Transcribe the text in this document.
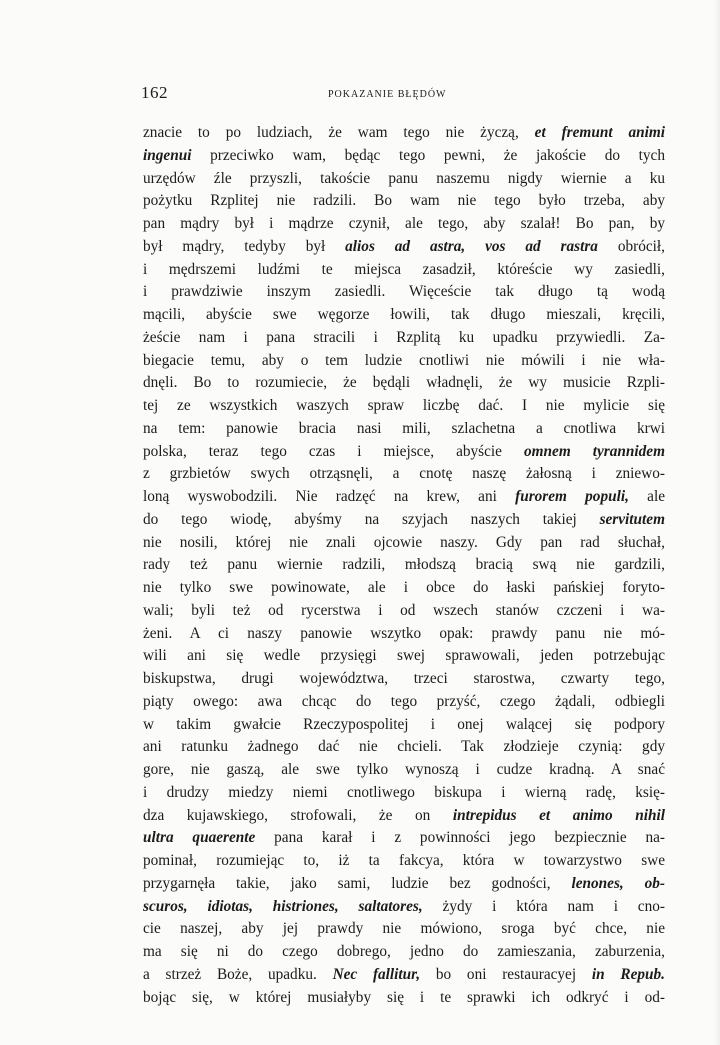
162	POKAZANIE BŁĘDÓW
znacie to po ludziach, że wam tego nie życzą, et fremunt animi
ingenui przeciwko wam, będąc tego pewni, że jakoście do tych
urzędów źle przyszli, takoście panu naszemu nigdy wiernie a ku
pożytku Rzplitej nie radzili. Bo wam nie tego było trzeba, aby
pan mądry był i mądrze czynił, ale tego, aby szalał! Bo pan, by
był mądry, tedyby był alios ad astra, vos ad rastra obrócił,
i mędrszemi ludźmi te miejsca zasadził, któreście wy zasiedli,
i prawdziwie inszym zasiedli. Więceście tak długo tą wodą
mącili, abyście swe węgorze łowili, tak długo mieszali, kręcili,
żeście nam i pana stracili i Rzplitą ku upadku przywiedli. Za-
biegacie temu, aby o tem ludzie cnotliwi nie mówili i nie wła-
dnęli. Bo to rozumiecie, że będąli władnęli, że wy musicie Rzpli-
tej ze wszystkich waszych spraw liczbę dać. I nie mylicie się
na tem: panowie bracia nasi mili, szlachetna a cnotliwa krwi
polska, teraz tego czas i miejsce, abyście omnem tyrannidem
z grzbietów swych otrząsnęli, a cnotę naszę żałosną i zniewo-
loną wyswobodzili. Nie radzęć na krew, ani furorem populi, ale
do tego wiodę, abyśmy na szyjach naszych takiej servitutem
nie nosili, której nie znali ojcowie naszy. Gdy pan rad słuchał,
rady też panu wiernie radzili, młodszą bracią swą nie gardzili,
nie tylko swe powinowate, ale i obce do łaski pańskiej foryto-
wali; byli też od rycerstwa i od wszech stanów czczeni i wa-
żeni. A ci naszy panowie wszytko opak: prawdy panu nie mó-
wili ani się wedle przysięgi swej sprawowali, jeden potrzebując
biskupstwa, drugi województwa, trzeci starostwa, czwarty tego,
piąty owego: awa chcąc do tego przyść, czego żądali, odbiegli
w takim gwałcie Rzeczypospolitej i onej walącej się podpory
ani ratunku żadnego dać nie chcieli. Tak złodzieje czynią: gdy
gore, nie gaszą, ale swe tylko wynoszą i cudze kradną. A snać
i drudzy miedzy niemi cnotliwego biskupa i wierną radę, księ-
dza kujawskiego, strofowali, że on intrepidus et animo nihil
ultra quaerente pana karał i z powinności jego bezpiecznie na-
pominał, rozumiejąc to, iż ta fakcya, która w towarzystwo swe
przygarnęła takie, jako sami, ludzie bez godności, lenones, ob-
scuros, idiotas, histriones, saltatores, żydy i która nam i cno-
cie naszej, aby jej prawdy nie mówiono, sroga być chce, nie
ma się ni do czego dobrego, jedno do zamieszania, zaburzenia,
a strzeż Boże, upadku. Nec fallitur, bo oni restauracyej in Repub.
bojąc się, w której musiałyby się i te sprawki ich odkryć i od-
